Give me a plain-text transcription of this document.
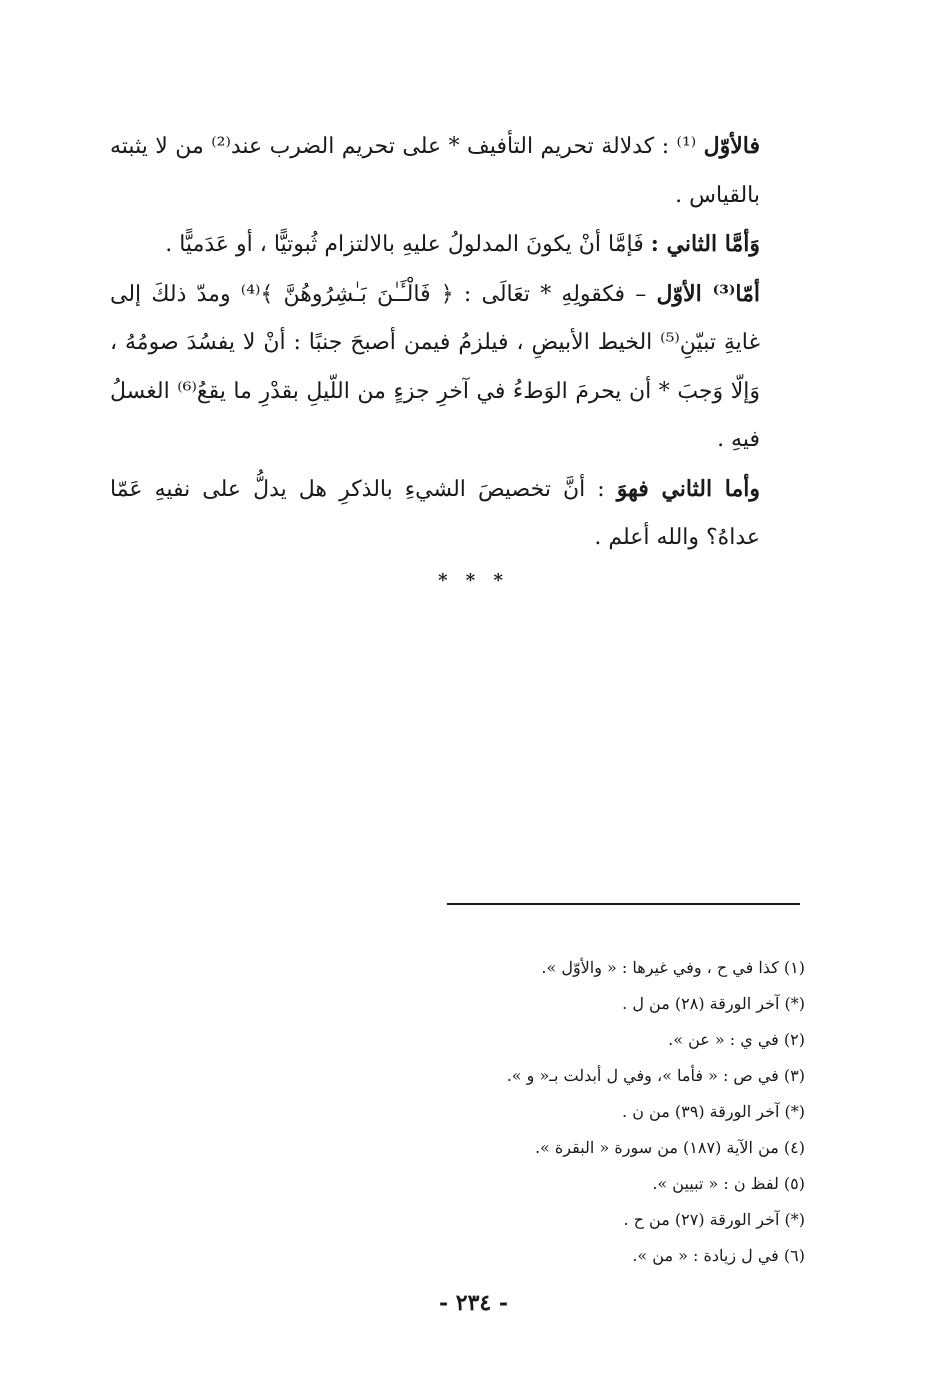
فالأوّل ⁽¹⁾ : كدلالة تحريم التأفيف * على تحريم الضرب عند⁽²⁾ من لا يثبته بالقياس .

وَأمَّا الثاني : فَإمَّا أنْ يكونَ المدلولُ عليهِ بالالتزام ثُبوتيًّا ، أو عَدَميًّا .

أمّا⁽³⁾ الأوّل – فكقولِهِ * تعَالَى : ﴿ فَالْـَٔـٰنَ بَـٰشِرُوهُنَّ ﴾⁽⁴⁾ ومدّ ذلكَ إلى غايةِ تبيّنِ⁽⁵⁾ الخيط الأبيضِ ، فيلزمُ فيمن أصبحَ جنبًا : أنْ لا يفسُدَ صومُهُ ، وَإلّا وَجبَ * أن يحرمَ الوَطءُ في آخرِ جزءٍ من اللّيلِ بقدْرِ ما يقعُ⁽⁶⁾ الغسلُ فيهِ .

وأما الثاني فهوَ : أنَّ تخصيصَ الشيءِ بالذكرِ هل يدلُّ على نفيهِ عَمّا عداهُ؟ والله أعلم .

* * *
(١) كذا في ح ، وفي غيرها : « والأوّل ».
(*) آخر الورقة (٢٨) من ل .
(٢) في ي : « عن ».
(٣) في ص : « فأما »، وفي ل أبدلت بـ« و ».
(*) آخر الورقة (٣٩) من ن .
(٤) من الآية (١٨٧) من سورة « البقرة ».
(٥) لفظ ن : « تبيين ».
(*) آخر الورقة (٢٧) من ح .
(٦) في ل زيادة : « من ».
- ٢٣٤ -
